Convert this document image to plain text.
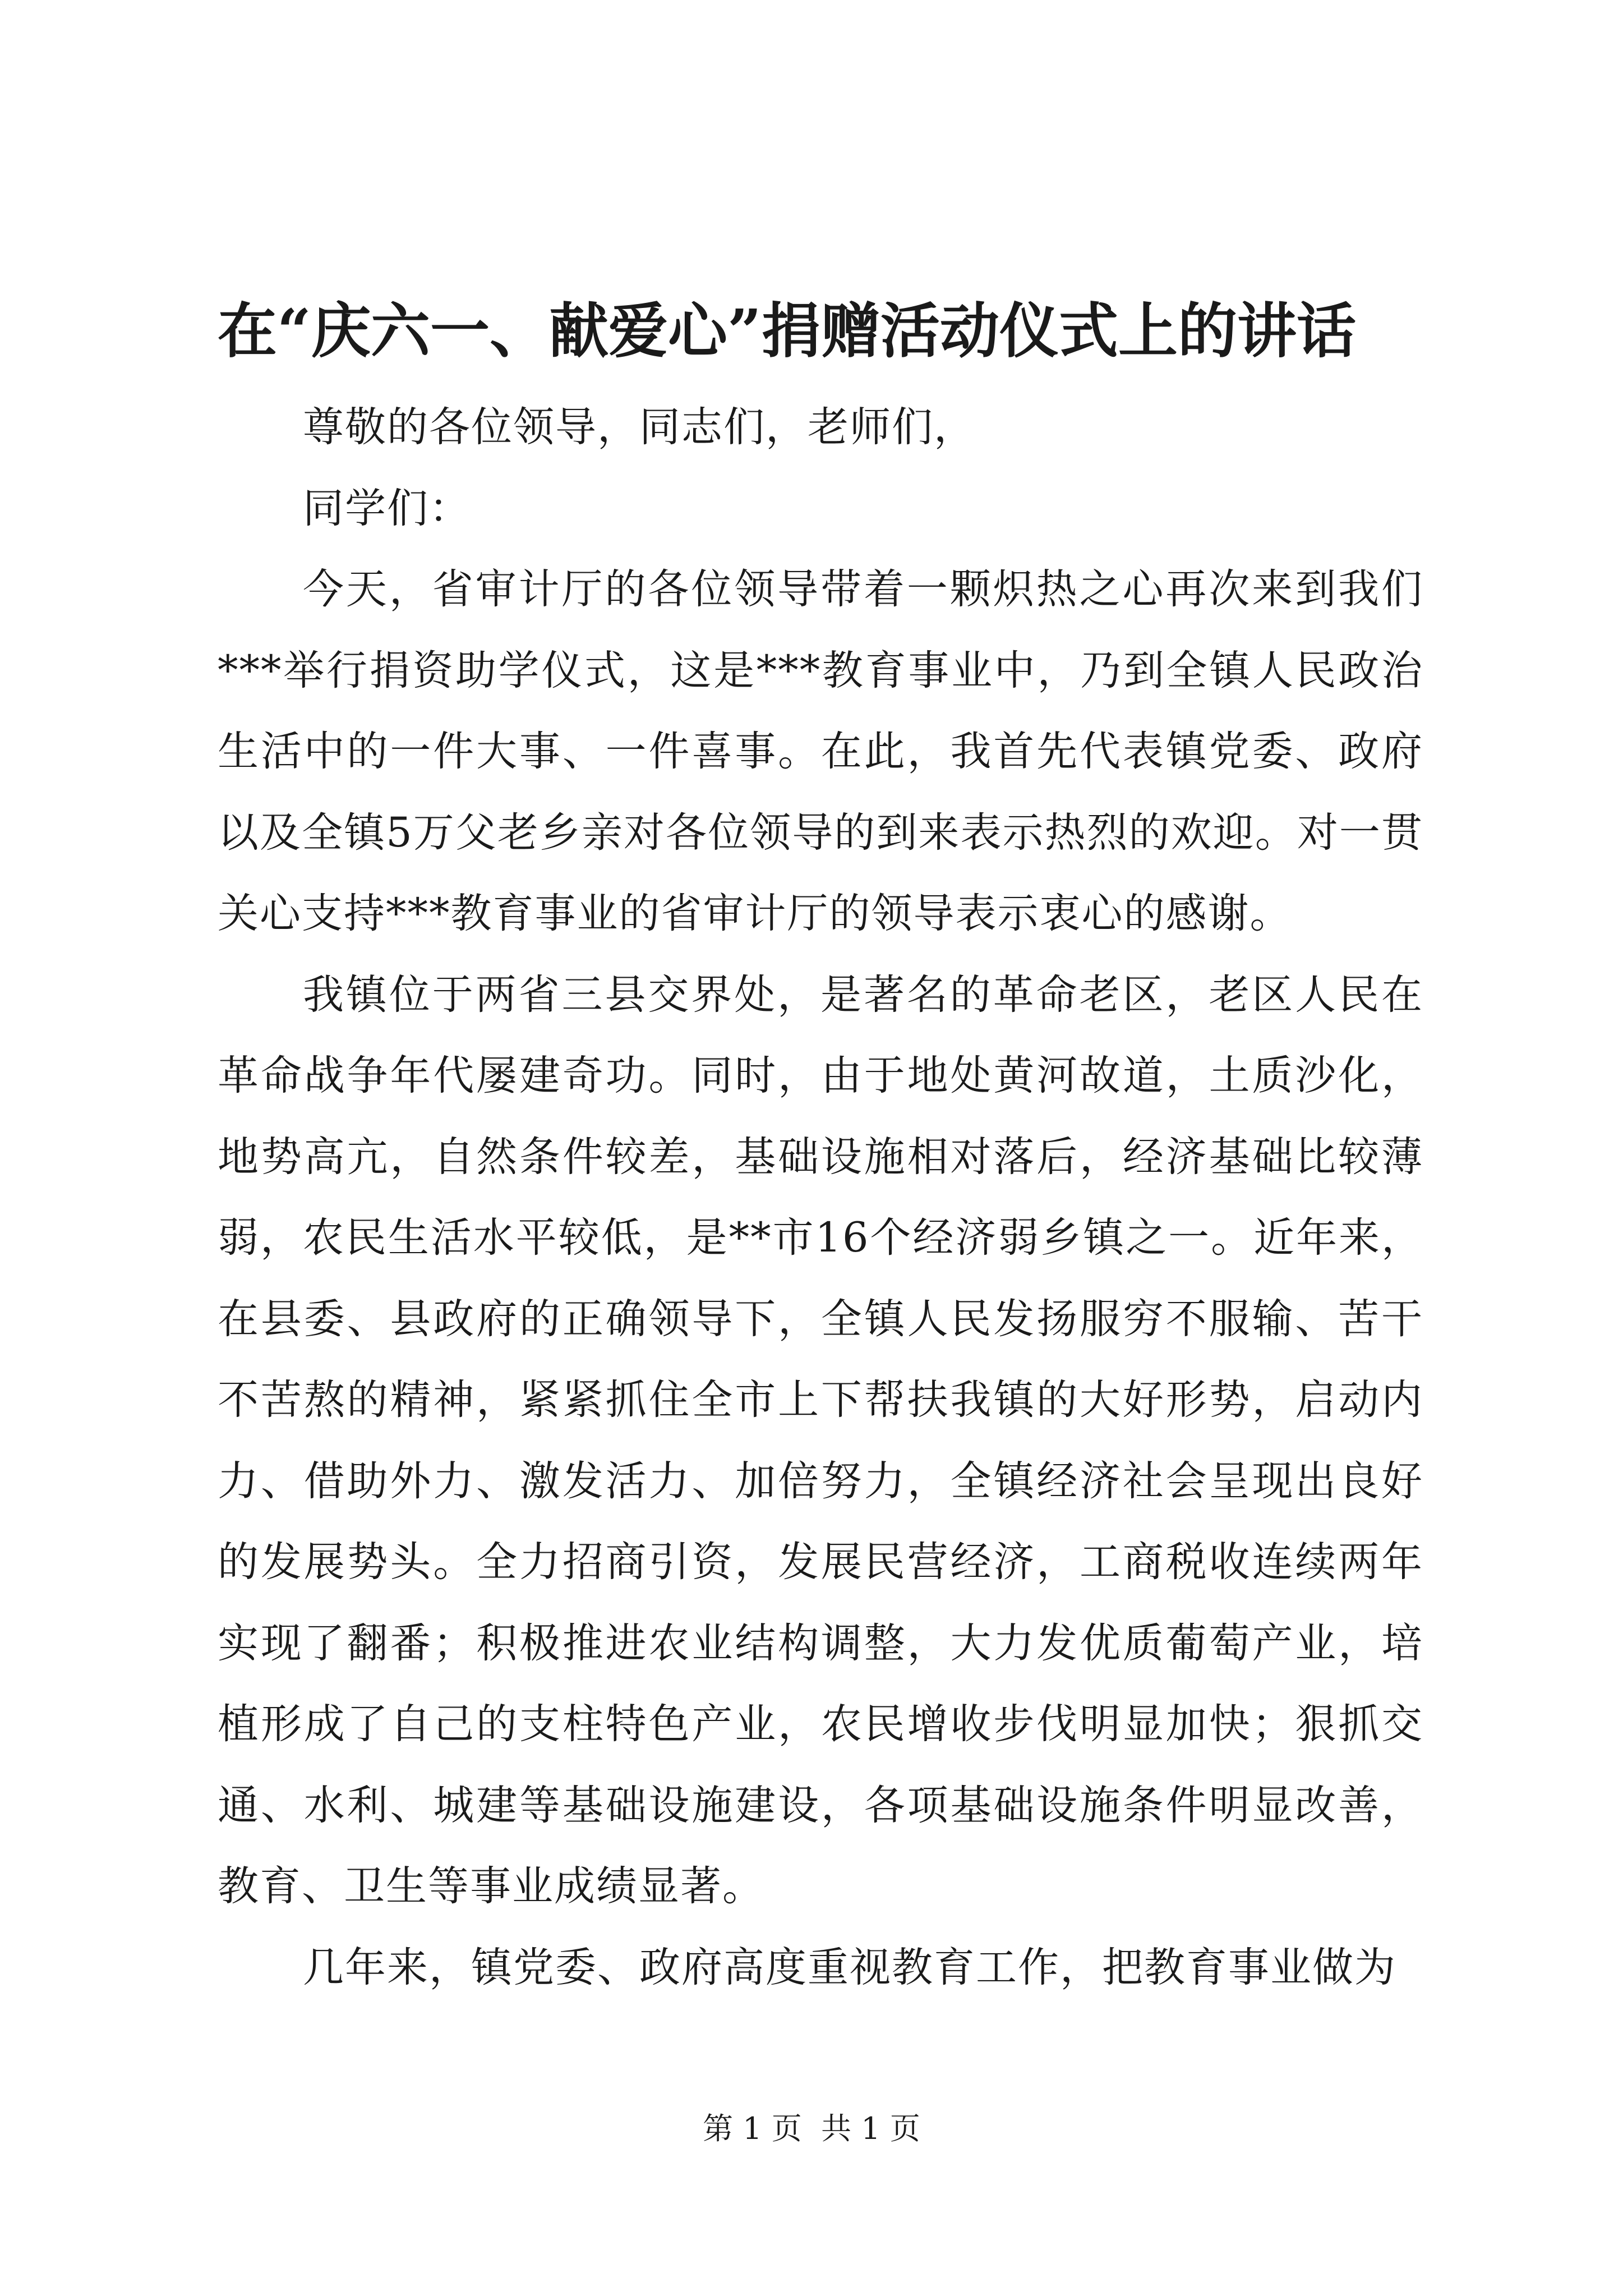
在“庆六一、献爱心”捐赠活动仪式上的讲话

尊敬的各位领导，同志们，老师们，

同学们：

今天，省审计厅的各位领导带着一颗炽热之心再次来到我们***举行捐资助学仪式，这是***教育事业中，乃到全镇人民政治生活中的一件大事、一件喜事。在此，我首先代表镇党委、政府以及全镇5万父老乡亲对各位领导的到来表示热烈的欢迎。对一贯关心支持***教育事业的省审计厅的领导表示衷心的感谢。

我镇位于两省三县交界处，是著名的革命老区，老区人民在革命战争年代屡建奇功。同时，由于地处黄河故道，土质沙化，地势高亢，自然条件较差，基础设施相对落后，经济基础比较薄弱，农民生活水平较低，是**市16个经济弱乡镇之一。近年来，在县委、县政府的正确领导下，全镇人民发扬服穷不服输、苦干不苦熬的精神，紧紧抓住全市上下帮扶我镇的大好形势，启动内力、借助外力、激发活力、加倍努力，全镇经济社会呈现出良好的发展势头。全力招商引资，发展民营经济，工商税收连续两年实现了翻番；积极推进农业结构调整，大力发优质葡萄产业，培植形成了自己的支柱特色产业，农民增收步伐明显加快；狠抓交通、水利、城建等基础设施建设，各项基础设施条件明显改善，教育、卫生等事业成绩显著。

几年来，镇党委、政府高度重视教育工作，把教育事业做为

第 1 页  共 1 页
